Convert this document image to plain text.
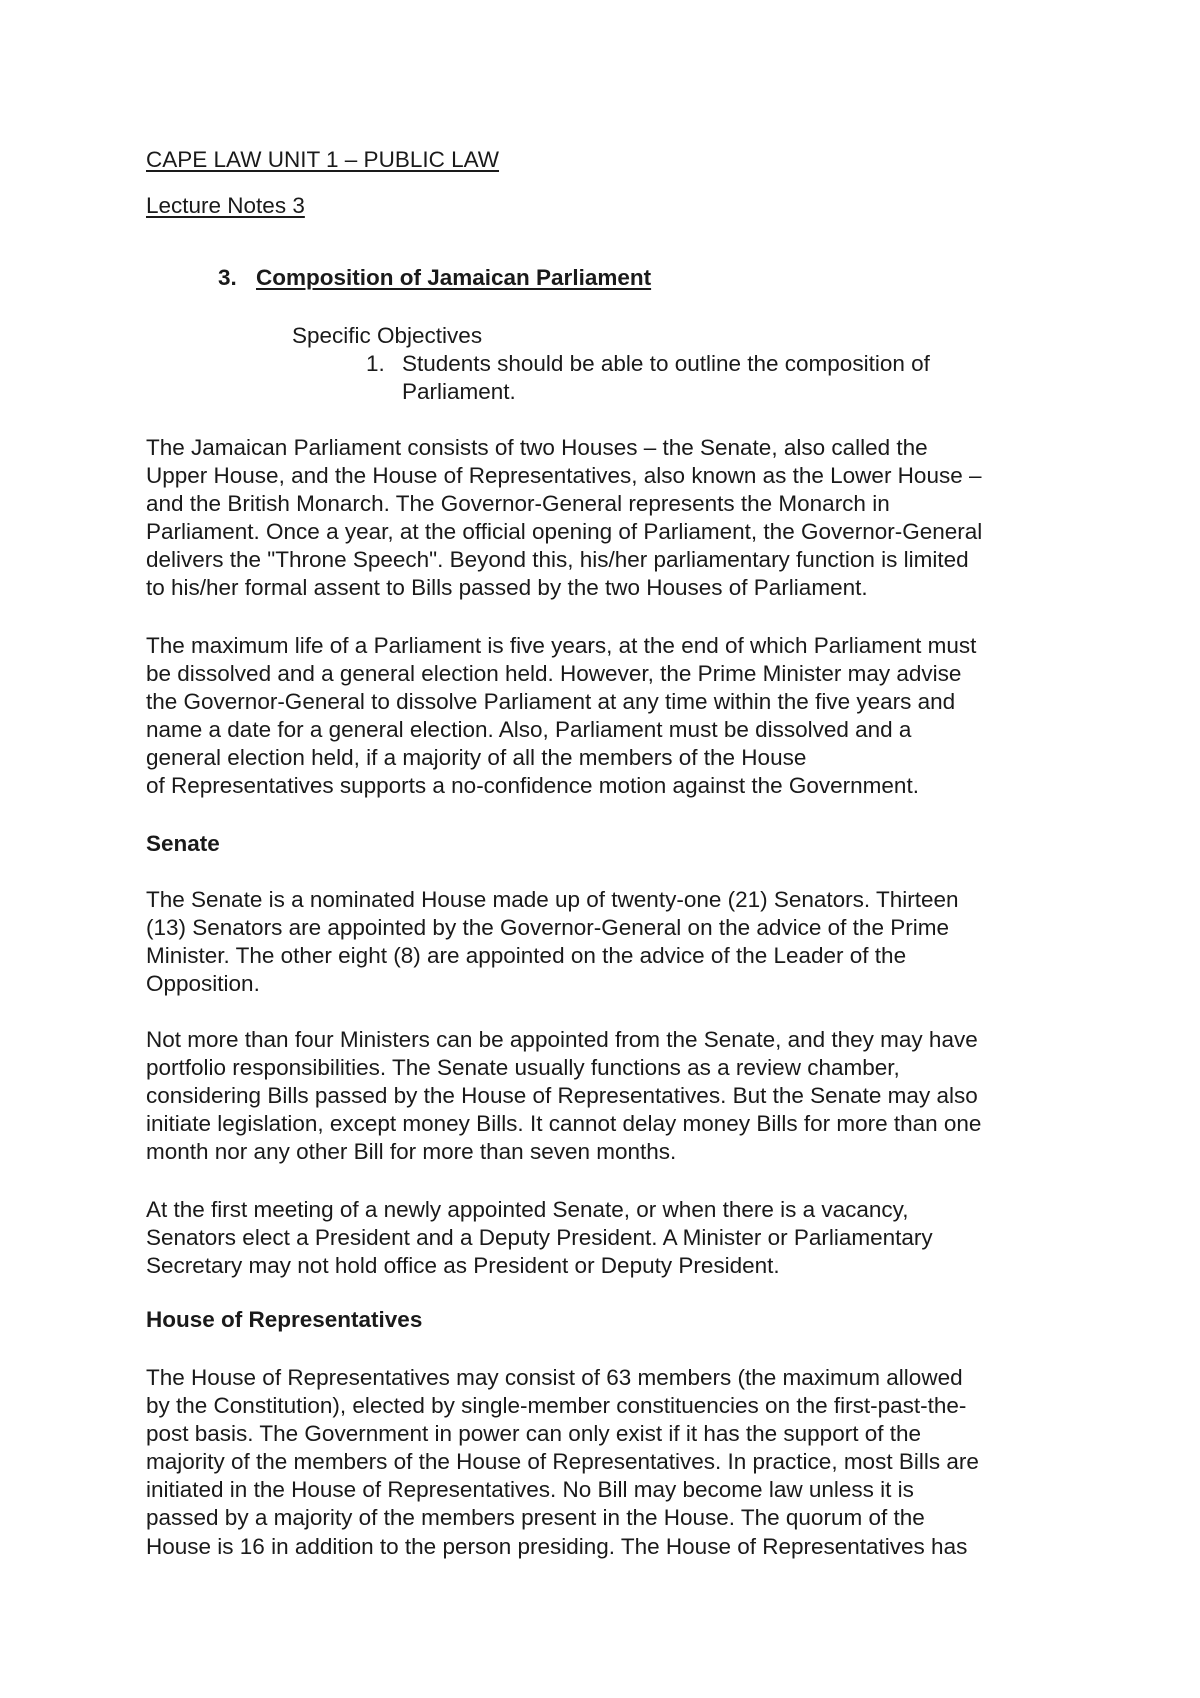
CAPE LAW UNIT 1 – PUBLIC LAW

Lecture Notes 3

3. Composition of Jamaican Parliament

Specific Objectives

1. Students should be able to outline the composition of
Parliament.
The Jamaican Parliament consists of two Houses – the Senate, also called the
Upper House, and the House of Representatives, also known as the Lower House –
and the British Monarch. The Governor-General represents the Monarch in
Parliament. Once a year, at the official opening of Parliament, the Governor-General
delivers the "Throne Speech". Beyond this, his/her parliamentary function is limited
to his/her formal assent to Bills passed by the two Houses of Parliament.
The maximum life of a Parliament is five years, at the end of which Parliament must
be dissolved and a general election held. However, the Prime Minister may advise
the Governor-General to dissolve Parliament at any time within the five years and
name a date for a general election. Also, Parliament must be dissolved and a
general election held, if a majority of all the members of the House
of Representatives supports a no-confidence motion against the Government.

Senate

The Senate is a nominated House made up of twenty-one (21) Senators. Thirteen
(13) Senators are appointed by the Governor-General on the advice of the Prime
Minister. The other eight (8) are appointed on the advice of the Leader of the
Opposition.
Not more than four Ministers can be appointed from the Senate, and they may have
portfolio responsibilities. The Senate usually functions as a review chamber,
considering Bills passed by the House of Representatives. But the Senate may also
initiate legislation, except money Bills. It cannot delay money Bills for more than one
month nor any other Bill for more than seven months.
At the first meeting of a newly appointed Senate, or when there is a vacancy,
Senators elect a President and a Deputy President. A Minister or Parliamentary
Secretary may not hold office as President or Deputy President.

House of Representatives

The House of Representatives may consist of 63 members (the maximum allowed
by the Constitution), elected by single-member constituencies on the first-past-the-
post basis. The Government in power can only exist if it has the support of the
majority of the members of the House of Representatives. In practice, most Bills are
initiated in the House of Representatives. No Bill may become law unless it is
passed by a majority of the members present in the House. The quorum of the
House is 16 in addition to the person presiding. The House of Representatives has
